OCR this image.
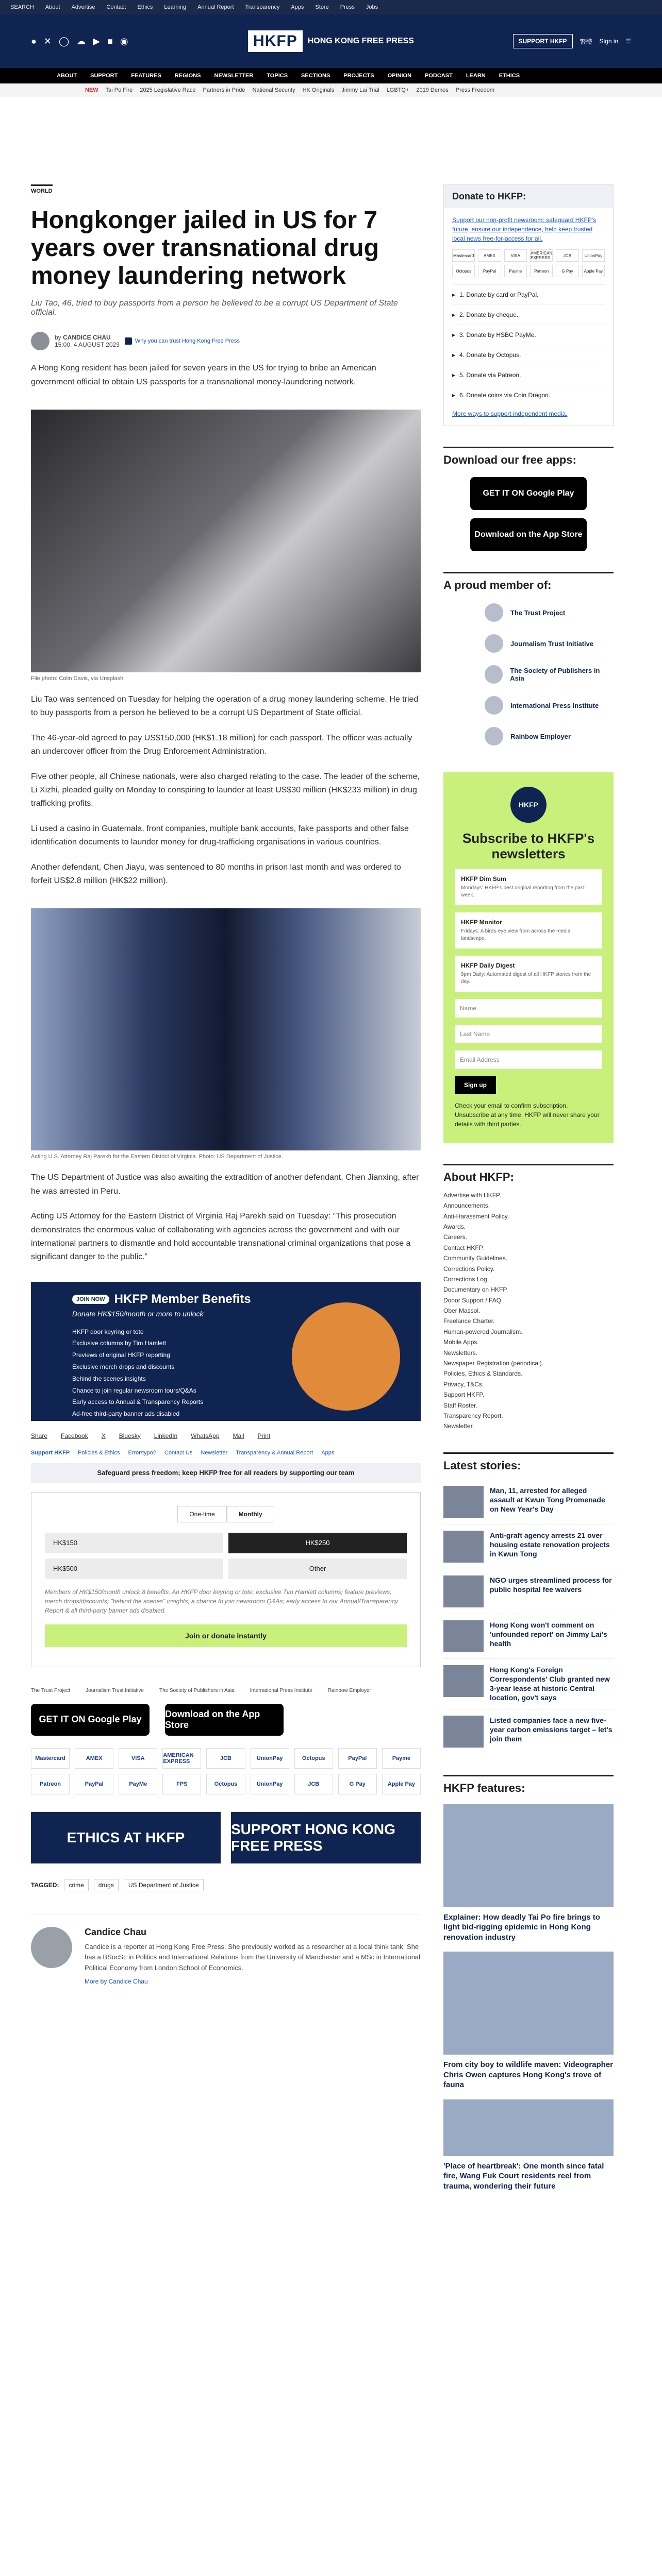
SEARCH About Advertise Contact Ethics Learning Annual Report Transparency Apps Store Press Jobs
● ✕ ◯ ☁ ▶ ■ ◉	HKFP	HONG KONG FREE PRESS	SUPPORT HKFP	繁體 Sign in ☰
ABOUT SUPPORT FEATURES REGIONS NEWSLETTER TOPICS SECTIONS PROJECTS OPINION PODCAST LEARN ETHICS
NEW Tai Po Fire 2025 Legislative Race Partners in Pride National Security HK Originals Jimmy Lai Trial LGBTQ+ 2019 Demos Press Freedom
WORLD
Hongkonger jailed in US for 7 years over transnational drug money laundering network

Liu Tao, 46, tried to buy passports from a person he believed to be a corrupt US Department of State official.

by CANDICE CHAU
15:00, 4 AUGUST 2023	Why you can trust Hong Kong Free Press

A Hong Kong resident has been jailed for seven years in the US for trying to bribe an American government official to obtain US passports for a transnational money-laundering network.

File photo: Colin Davis, via Unsplash.

Liu Tao was sentenced on Tuesday for helping the operation of a drug money laundering scheme. He tried to buy passports from a person he believed to be a corrupt US Department of State official.

The 46-year-old agreed to pay US$150,000 (HK$1.18 million) for each passport. The officer was actually an undercover officer from the Drug Enforcement Administration.

Five other people, all Chinese nationals, were also charged relating to the case. The leader of the scheme, Li Xizhi, pleaded guilty on Monday to conspiring to launder at least US$30 million (HK$233 million) in drug trafficking profits.

Li used a casino in Guatemala, front companies, multiple bank accounts, fake passports and other false identification documents to launder money for drug-trafficking organisations in various countries.

Another defendant, Chen Jiayu, was sentenced to 80 months in prison last month and was ordered to forfeit US$2.8 million (HK$22 million).

Acting U.S. Attorney Raj Parekh for the Eastern District of Virginia. Photo: US Department of Justice.

The US Department of Justice was also awaiting the extradition of another defendant, Chen Jianxing, after he was arrested in Peru.

Acting US Attorney for the Eastern District of Virginia Raj Parekh said on Tuesday: “This prosecution demonstrates the enormous value of collaborating with agencies across the government and with our international partners to dismantle and hold accountable transnational criminal organizations that pose a significant danger to the public.”

JOIN NOW HKFP Member Benefits
Donate HK$150/month or more to unlock
HKFP door keyring or tote
Exclusive columns by Tim Hamlett
Previews of original HKFP reporting
Exclusive merch drops and discounts
Behind the scenes insights
Chance to join regular newsroom tours/Q&As
Early access to Annual & Transparency Reports
Ad-free third-party banner ads disabled
Share Facebook X Bluesky LinkedIn WhatsApp Mail Print
Support HKFP Policies & Ethics Error/typo? Contact Us Newsletter Transparency & Annual Report Apps
Safeguard press freedom; keep HKFP free for all readers by supporting our team
One-time	Monthly
HK$150	HK$250
HK$500	Other

Members of HK$150/month unlock 8 benefits: An HKFP door keyring or tote; exclusive Tim Hamlett columns; feature previews; merch drops/discounts; "behind the scenes" insights; a chance to join newsroom Q&As; early access to our Annual/Transparency Report & all third-party banner ads disabled.

Join or donate instantly
The Trust Project	Journalism Trust Initiative	The Society of Publishers in Asia	International Press Institute	Rainbow Employer
GET IT ON Google Play
Download on the App Store
Mastercard	AMEX	VISA	AMERICAN EXPRESS	JCB	UnionPay	Octopus	PayPal	Payme
Patreon	PayPal	PayMe	FPS	Octopus	UnionPay	JCB	G Pay	Apple Pay
ETHICS AT HKFP
SUPPORT HONG KONG FREE PRESS
TAGGED:	crime	drugs	US Department of Justice
Candice Chau

Candice is a reporter at Hong Kong Free Press. She previously worked as a researcher at a local think tank. She has a BSocSc in Politics and International Relations from the University of Manchester and a MSc in International Political Economy from London School of Economics.

More by Candice Chau
Donate to HKFP:

Support our non-profit newsroom: safeguard HKFP's future, ensure our independence, help keep trusted local news free-for-access for all.

Mastercard	AMEX	VISA	AMERICAN EXPRESS	JCB	UnionPay
Octopus	PayPal	Payme	Patreon	G Pay	Apple Pay
▸ 1. Donate by card or PayPal.
▸ 2. Donate by cheque.
▸ 3. Donate by HSBC PayMe.
▸ 4. Donate by Octopus.
▸ 5. Donate via Patreon.
▸ 6. Donate coins via Coin Dragon.
More ways to support independent media.
Download our free apps:
GET IT ON Google Play
Download on the App Store
A proud member of:
The Trust Project
Journalism Trust Initiative
The Society of Publishers in Asia
International Press Institute
Rainbow Employer
HKFP
Subscribe to HKFP's newsletters
HKFP Dim Sum
Mondays: HKFP's best original reporting from the past week.
HKFP Monitor
Fridays: A birds-eye view from across the media landscape.
HKFP Daily Digest
9pm Daily: Automated digest of all HKFP stories from the day.
Name
Last Name
Email Address
Sign up

Check your email to confirm subscription. Unsubscribe at any time. HKFP will never share your details with third parties.

About HKFP:
Advertise with HKFP.
Announcements.
Anti-Harassment Policy.
Awards.
Careers.
Contact HKFP.
Community Guidelines.
Corrections Policy.
Corrections Log.
Documentary on HKFP.
Donor Support / FAQ.
Ober Massol.
Freelance Charter.
Human-powered Journalism.
Mobile Apps.
Newsletters.
Newspaper Registration (periodical).
Policies, Ethics & Standards.
Privacy, T&Cs.
Support HKFP.
Staff Roster.
Transparency Report.
Newsletter.
Latest stories:
Man, 11, arrested for alleged assault at Kwun Tong Promenade on New Year's Day
Anti-graft agency arrests 21 over housing estate renovation projects in Kwun Tong
NGO urges streamlined process for public hospital fee waivers
Hong Kong won't comment on 'unfounded report' on Jimmy Lai's health
Hong Kong's Foreign Correspondents' Club granted new 3-year lease at historic Central location, gov't says
Listed companies face a new five-year carbon emissions target – let's join them
HKFP features:
Explainer: How deadly Tai Po fire brings to light bid-rigging epidemic in Hong Kong renovation industry
From city boy to wildlife maven: Videographer Chris Owen captures Hong Kong's trove of fauna
'Place of heartbreak': One month since fatal fire, Wang Fuk Court residents reel from trauma, wondering their future
